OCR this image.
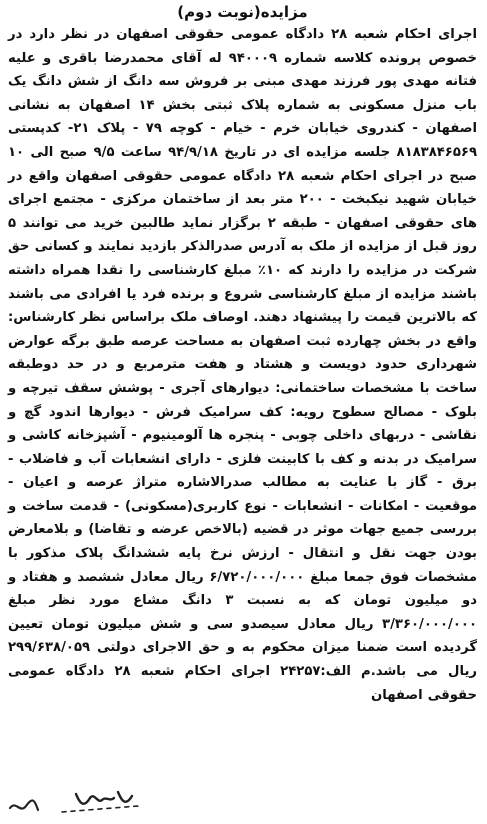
مزایده(نوبت دوم)

اجرای احکام شعبه ۲۸ دادگاه عمومی حقوقی اصفهان در نظر دارد در خصوص پرونده کلاسه شماره ۹۴۰۰۰۹ له آقای محمدرضا باقری و علیه فتانه مهدی پور فرزند مهدی مبنی بر فروش سه دانگ از شش دانگ یک باب منزل مسکونی به شماره پلاک ثبتی بخش ۱۴ اصفهان به نشانی اصفهان - کندروی خیابان خرم - خیام - کوچه ۷۹ - پلاک ۲۱- کدپستی ۸۱۸۳۸۴۶۵۶۹ جلسه مزایده ای در تاریخ ۹۴/۹/۱۸ ساعت ۹/۵ صبح الی ۱۰ صبح در اجرای احکام شعبه ۲۸ دادگاه عمومی حقوقی اصفهان واقع در خیابان شهید نیکبخت - ۲۰۰ متر بعد از ساختمان مرکزی - مجتمع اجرای های حقوقی اصفهان - طبقه ۲ برگزار نماید طالبین خرید می توانند ۵ روز قبل از مزایده از ملک به آدرس صدرالذکر بازدید نمایند و کسانی حق شرکت در مزایده را دارند که ۱۰٪ مبلغ کارشناسی را نقدا همراه داشته باشند مزایده از مبلغ کارشناسی شروع و برنده فرد یا افرادی می باشند که بالاترین قیمت را پیشنهاد دهند. اوصاف ملک براساس نظر کارشناس: واقع در بخش چهارده ثبت اصفهان به مساحت عرصه طبق برگه عوارض شهرداری حدود دویست و هشتاد و هفت مترمربع و در حد دوطبقه ساخت با مشخصات ساختمانی: دیوارهای آجری - پوشش سقف تیرچه و بلوک - مصالح سطوح رویه: کف سرامیک فرش - دیوارها اندود گچ و نقاشی - دربهای داخلی چوبی - پنجره ها آلومینیوم - آشپزخانه کاشی و سرامیک در بدنه و کف با کابینت فلزی - دارای انشعابات آب و فاضلاب - برق - گاز با عنایت به مطالب صدرالاشاره متراژ عرصه و اعیان - موقعیت - امکانات - انشعابات - نوع کاربری(مسکونی) - قدمت ساخت و بررسی جمیع جهات موثر در قضیه (بالاخص عرضه و تقاضا) و بلامعارض بودن جهت نقل و انتقال - ارزش نرخ پایه ششدانگ پلاک مذکور با مشخصات فوق جمعا مبلغ ۶/۷۲۰/۰۰۰/۰۰۰ ریال معادل ششصد و هفتاد و دو میلیون تومان که به نسبت ۳ دانگ مشاع مورد نظر مبلغ ۳/۳۶۰/۰۰۰/۰۰۰ ریال معادل سیصدو سی و شش میلیون تومان تعیین گردیده است ضمنا میزان محکوم به و حق الاجرای دولتی ۲۹۹/۶۳۸/۰۵۹ ریال می باشد.م الف:۲۴۲۵۷ اجرای احکام شعبه ۲۸ دادگاه عمومی حقوقی اصفهان
